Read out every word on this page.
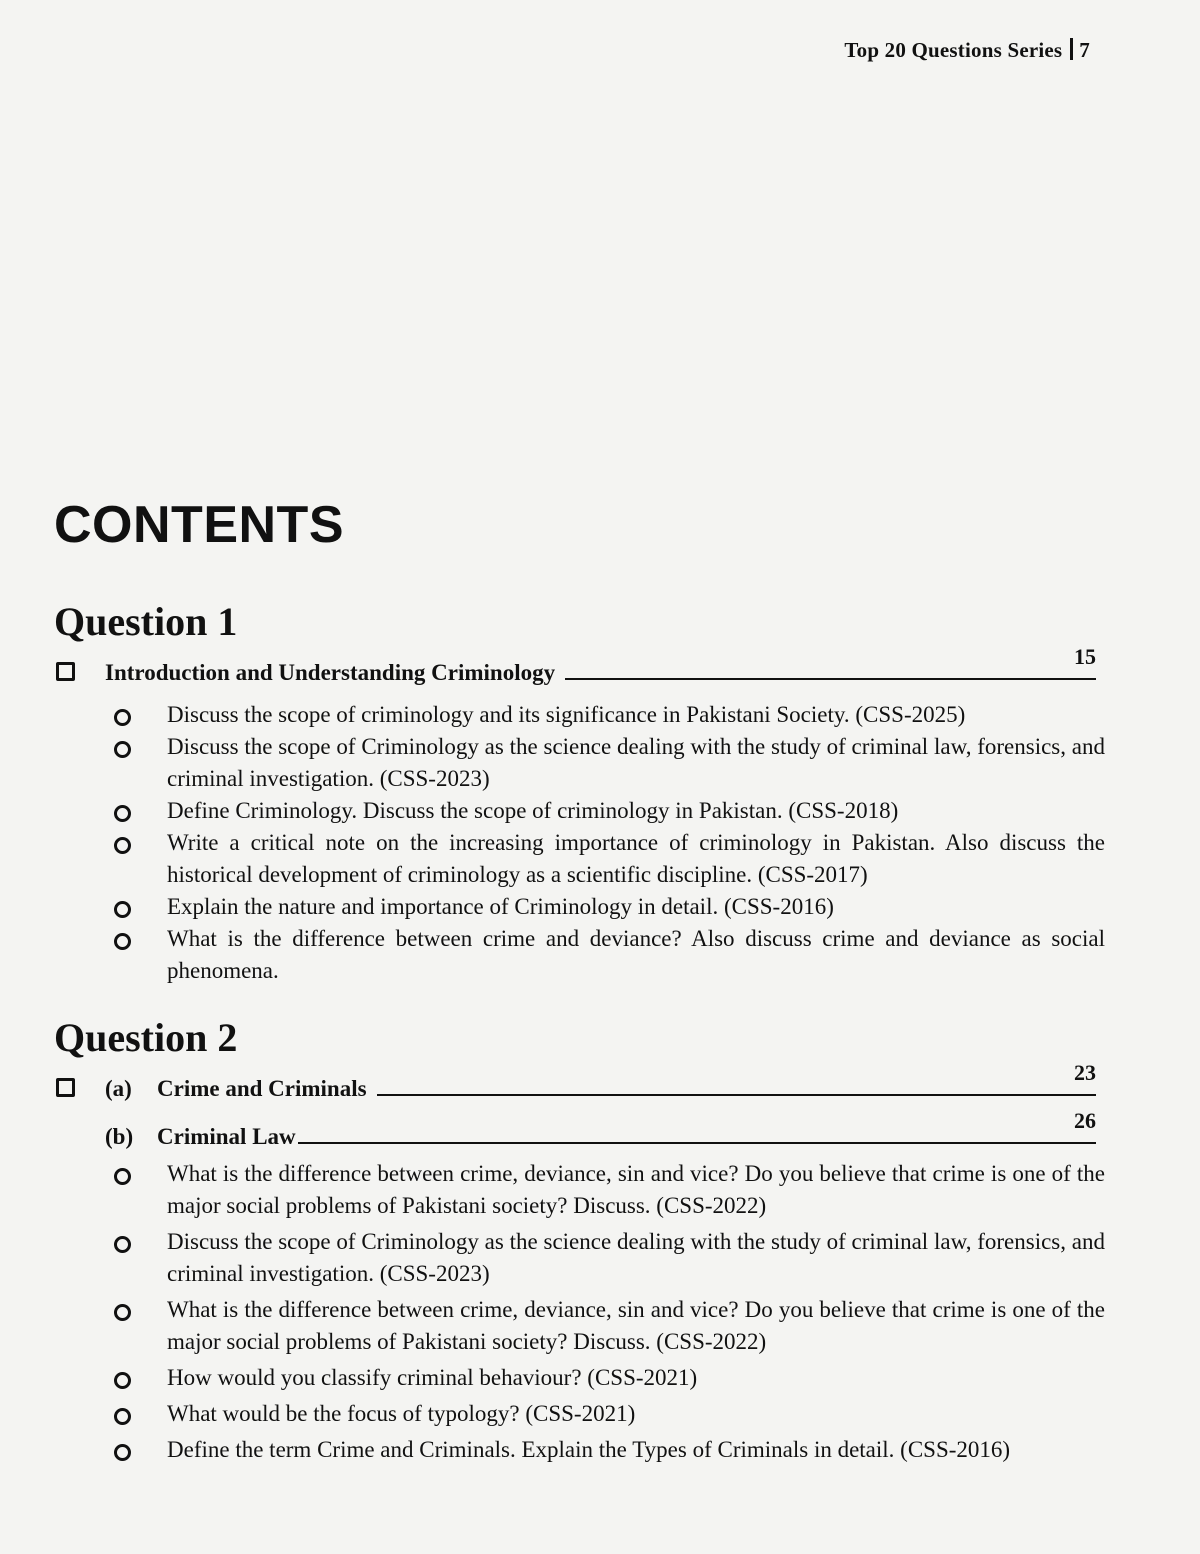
Top 20 Questions Series 7
CONTENTS
Question 1
Introduction and Understanding Criminology
15
Discuss the scope of criminology and its significance in Pakistani Society. (CSS-2025)
Discuss the scope of Criminology as the science dealing with the study of criminal law, forensics, and criminal investigation. (CSS-2023)
Define Criminology. Discuss the scope of criminology in Pakistan. (CSS-2018)
Write a critical note on the increasing importance of criminology in Pakistan. Also discuss the historical development of criminology as a scientific discipline. (CSS-2017)
Explain the nature and importance of Criminology in detail. (CSS-2016)
What is the difference between crime and deviance? Also discuss crime and deviance as social phenomena.
Question 2
(a)	Crime and Criminals
23
(b)	Criminal Law
26
What is the difference between crime, deviance, sin and vice? Do you believe that crime is one of the major social problems of Pakistani society? Discuss. (CSS-2022)
Discuss the scope of Criminology as the science dealing with the study of criminal law, forensics, and criminal investigation. (CSS-2023)
What is the difference between crime, deviance, sin and vice? Do you believe that crime is one of the major social problems of Pakistani society? Discuss. (CSS-2022)
How would you classify criminal behaviour? (CSS-2021)
What would be the focus of typology? (CSS-2021)
Define the term Crime and Criminals. Explain the Types of Criminals in detail. (CSS-2016)
